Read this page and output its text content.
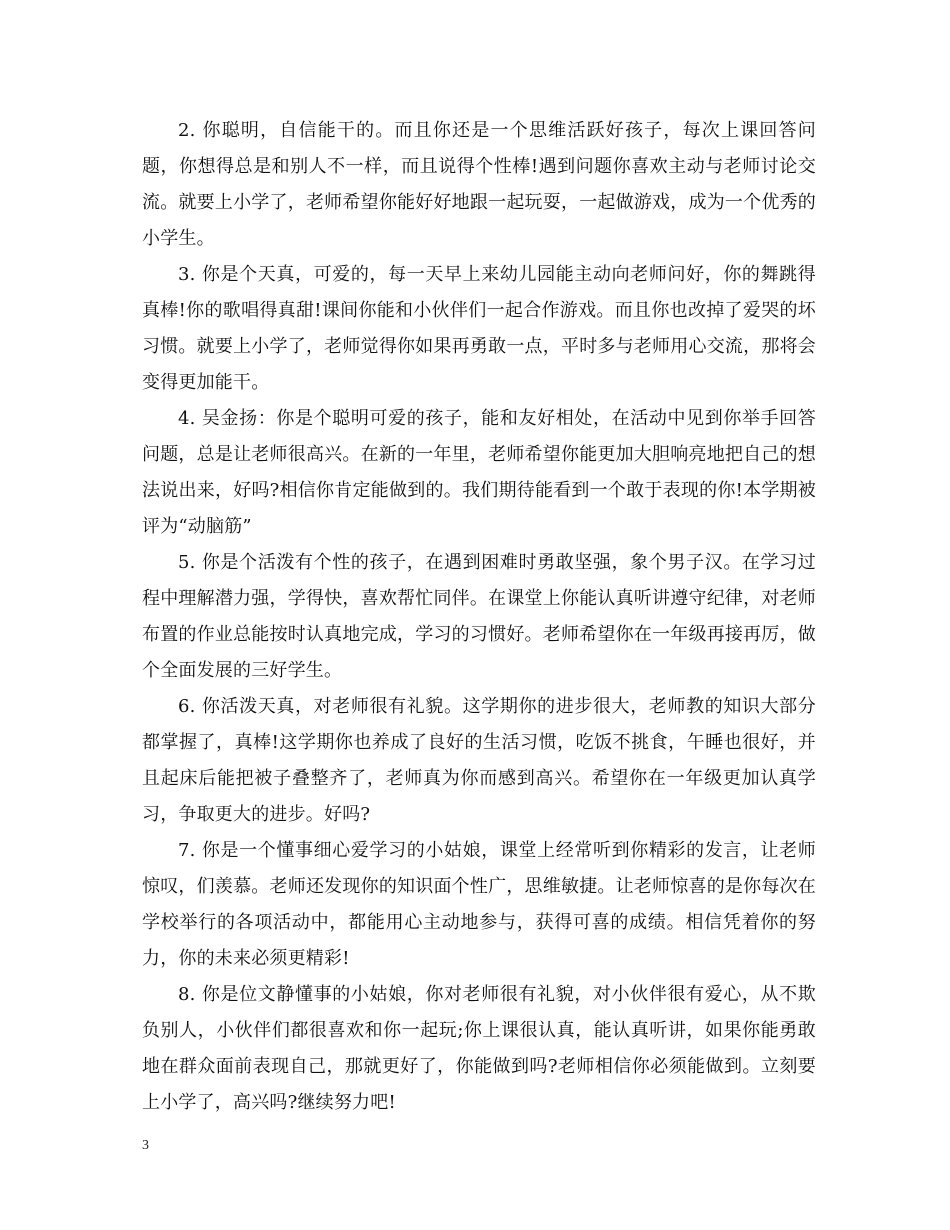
2. 你聪明，自信能干的。而且你还是一个思维活跃好孩子，每次上课回答问题，你想得总是和别人不一样，而且说得个性棒!遇到问题你喜欢主动与老师讨论交流。就要上小学了，老师希望你能好好地跟一起玩耍，一起做游戏，成为一个优秀的小学生。

3. 你是个天真，可爱的，每一天早上来幼儿园能主动向老师问好，你的舞跳得真棒!你的歌唱得真甜!课间你能和小伙伴们一起合作游戏。而且你也改掉了爱哭的坏习惯。就要上小学了，老师觉得你如果再勇敢一点，平时多与老师用心交流，那将会变得更加能干。

4. 吴金扬：你是个聪明可爱的孩子，能和友好相处，在活动中见到你举手回答问题，总是让老师很高兴。在新的一年里，老师希望你能更加大胆响亮地把自己的想法说出来，好吗?相信你肯定能做到的。我们期待能看到一个敢于表现的你!本学期被评为“动脑筋”

5. 你是个活泼有个性的孩子，在遇到困难时勇敢坚强，象个男子汉。在学习过程中理解潜力强，学得快，喜欢帮忙同伴。在课堂上你能认真听讲遵守纪律，对老师布置的作业总能按时认真地完成，学习的习惯好。老师希望你在一年级再接再厉，做个全面发展的三好学生。

6. 你活泼天真，对老师很有礼貌。这学期你的进步很大，老师教的知识大部分都掌握了，真棒!这学期你也养成了良好的生活习惯，吃饭不挑食，午睡也很好，并且起床后能把被子叠整齐了，老师真为你而感到高兴。希望你在一年级更加认真学习，争取更大的进步。好吗?

7. 你是一个懂事细心爱学习的小姑娘，课堂上经常听到你精彩的发言，让老师惊叹，们羡慕。老师还发现你的知识面个性广，思维敏捷。让老师惊喜的是你每次在学校举行的各项活动中，都能用心主动地参与，获得可喜的成绩。相信凭着你的努力，你的未来必须更精彩!

8. 你是位文静懂事的小姑娘，你对老师很有礼貌，对小伙伴很有爱心，从不欺负别人，小伙伴们都很喜欢和你一起玩;你上课很认真，能认真听讲，如果你能勇敢地在群众面前表现自己，那就更好了，你能做到吗?老师相信你必须能做到。立刻要上小学了，高兴吗?继续努力吧!

3
